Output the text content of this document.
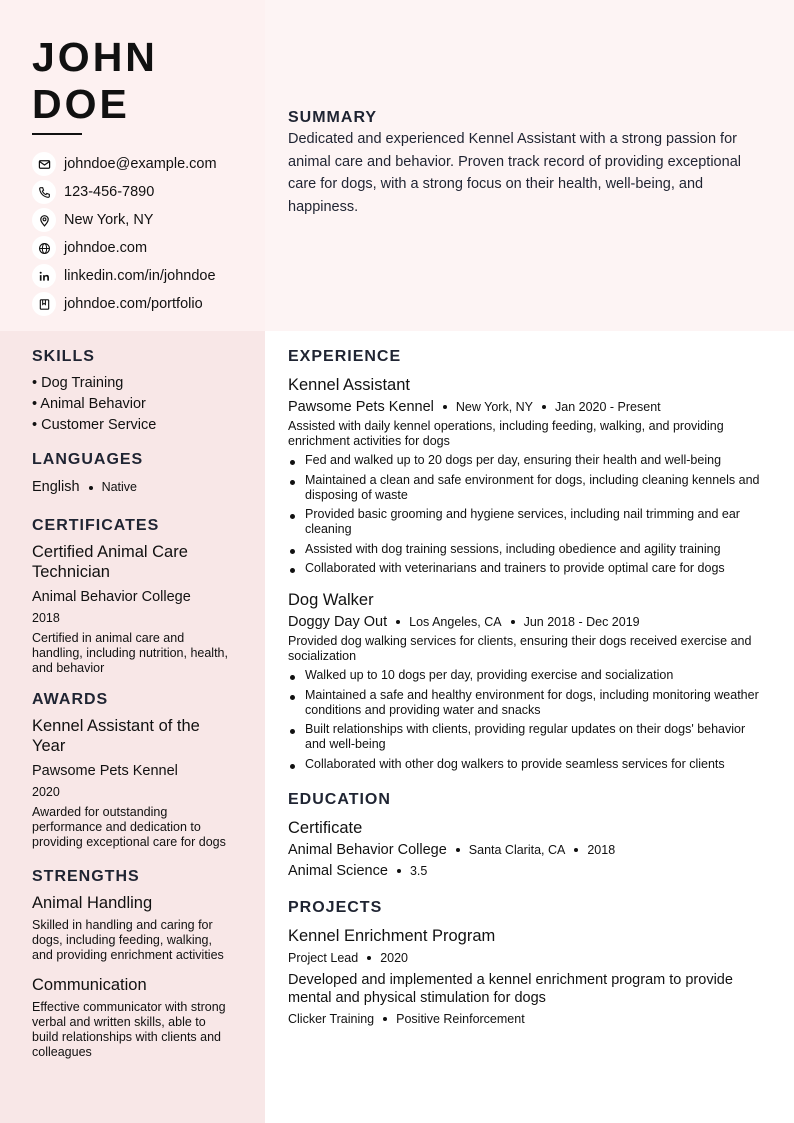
JOHN
DOE
johndoe@example.com
123-456-7890
New York, NY
johndoe.com
linkedin.com/in/johndoe
johndoe.com/portfolio
SUMMARY

Dedicated and experienced Kennel Assistant with a strong passion for animal care and behavior. Proven track record of providing exceptional care for dogs, with a strong focus on their health, well-being, and happiness.

SKILLS
• Dog Training
• Animal Behavior
• Customer Service
LANGUAGES
English Native
CERTIFICATES
Certified Animal Care Technician
Animal Behavior College
2018
Certified in animal care and handling, including nutrition, health, and behavior
AWARDS
Kennel Assistant of the Year
Pawsome Pets Kennel
2020
Awarded for outstanding performance and dedication to providing exceptional care for dogs
STRENGTHS
Animal Handling
Skilled in handling and caring for dogs, including feeding, walking, and providing enrichment activities
Communication
Effective communicator with strong verbal and written skills, able to build relationships with clients and colleagues
EXPERIENCE
Kennel Assistant
Pawsome Pets Kennel New York, NY Jan 2020 - Present
Assisted with daily kennel operations, including feeding, walking, and providing enrichment activities for dogs
Fed and walked up to 20 dogs per day, ensuring their health and well-being
Maintained a clean and safe environment for dogs, including cleaning kennels and disposing of waste
Provided basic grooming and hygiene services, including nail trimming and ear cleaning
Assisted with dog training sessions, including obedience and agility training
Collaborated with veterinarians and trainers to provide optimal care for dogs
Dog Walker
Doggy Day Out Los Angeles, CA Jun 2018 - Dec 2019
Provided dog walking services for clients, ensuring their dogs received exercise and socialization
Walked up to 10 dogs per day, providing exercise and socialization
Maintained a safe and healthy environment for dogs, including monitoring weather conditions and providing water and snacks
Built relationships with clients, providing regular updates on their dogs' behavior and well-being
Collaborated with other dog walkers to provide seamless services for clients
EDUCATION
Certificate
Animal Behavior College Santa Clarita, CA 2018
Animal Science 3.5
PROJECTS
Kennel Enrichment Program
Project Lead 2020
Developed and implemented a kennel enrichment program to provide mental and physical stimulation for dogs
Clicker Training Positive Reinforcement
